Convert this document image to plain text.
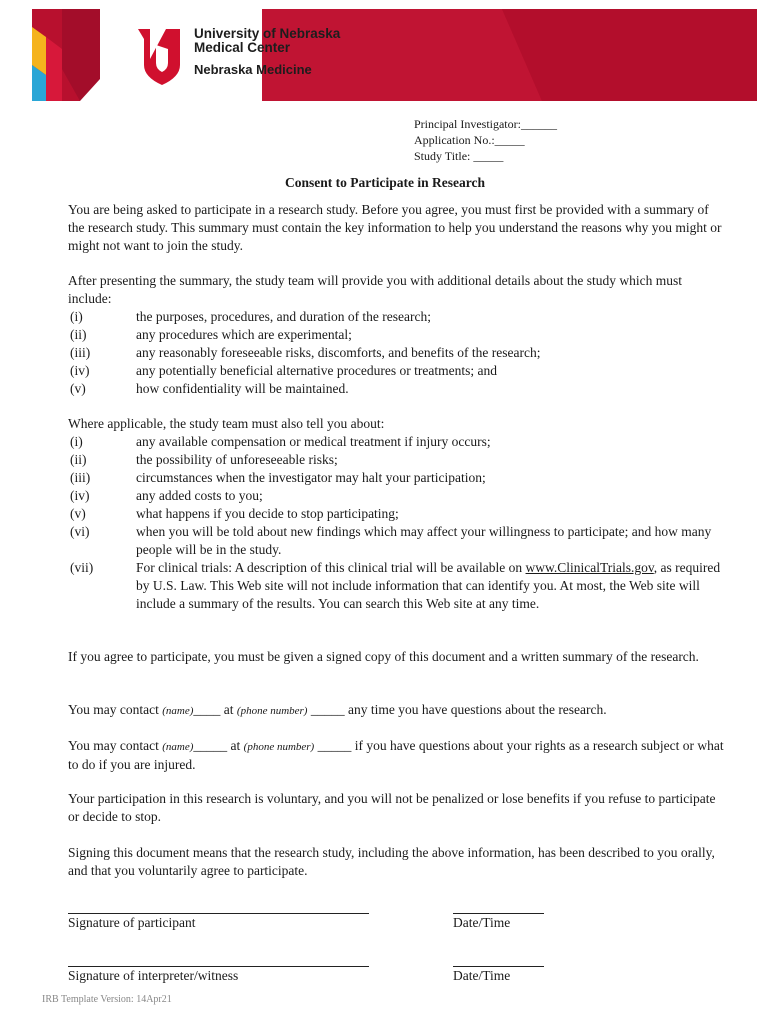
University of Nebraska
Medical Center
Nebraska Medicine
Principal Investigator:______
Application No.:_____
Study Title: _____
Consent to Participate in Research

You are being asked to participate in a research study. Before you agree, you must first be provided with a summary of the research study. This summary must contain the key information to help you understand the reasons why you might or might not want to join the study.

After presenting the summary, the study team will provide you with additional details about the study which must include:

(i)	the purposes, procedures, and duration of the research;
(ii)	any procedures which are experimental;
(iii)	any reasonably foreseeable risks, discomforts, and benefits of the research;
(iv)	any potentially beneficial alternative procedures or treatments; and
(v)	how confidentiality will be maintained.

Where applicable, the study team must also tell you about:

(i)	any available compensation or medical treatment if injury occurs;
(ii)	the possibility of unforeseeable risks;
(iii)	circumstances when the investigator may halt your participation;
(iv)	any added costs to you;
(v)	what happens if you decide to stop participating;
(vi)	when you will be told about new findings which may affect your willingness to participate; and how many people will be in the study.
(vii)	For clinical trials: A description of this clinical trial will be available on www.ClinicalTrials.gov, as required by U.S. Law. This Web site will not include information that can identify you. At most, the Web site will include a summary of the results. You can search this Web site at any time.

If you agree to participate, you must be given a signed copy of this document and a written summary of the research.

You may contact (name)____ at (phone number) _____ any time you have questions about the research.

You may contact (name)_____ at (phone number) _____ if you have questions about your rights as a research subject or what to do if you are injured.

Your participation in this research is voluntary, and you will not be penalized or lose benefits if you refuse to participate or decide to stop.

Signing this document means that the research study, including the above information, has been described to you orally, and that you voluntarily agree to participate.

Signature of participant	Date/Time
Signature of interpreter/witness	Date/Time
IRB Template Version: 14Apr21
